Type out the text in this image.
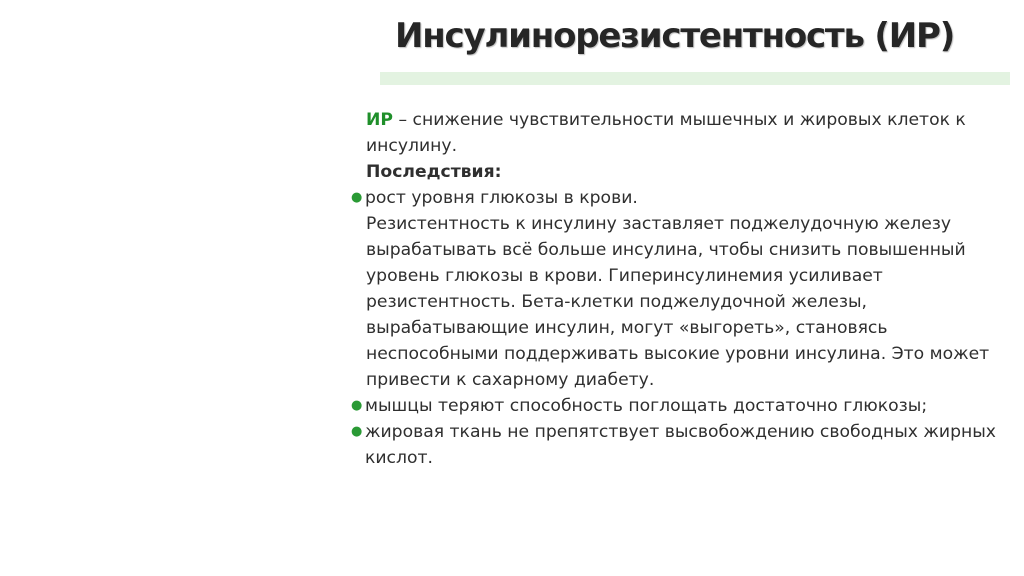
Инсулинорезистентность (ИР)

ИР – снижение чувствительности мышечных и жировых клеток к инсулину.

Последствия:

● рост уровня глюкозы в крови.

Резистентность к инсулину заставляет поджелудочную железу вырабатывать всё больше инсулина, чтобы снизить повышенный уровень глюкозы в крови. Гиперинсулинемия усиливает резистентность. Бета-клетки поджелудочной железы, вырабатывающие инсулин, могут «выгореть», становясь неспособными поддерживать высокие уровни инсулина. Это может привести к сахарному диабету.

● мышцы теряют способность поглощать достаточно глюкозы;
● жировая ткань не препятствует высвобождению свободных жирных кислот.
